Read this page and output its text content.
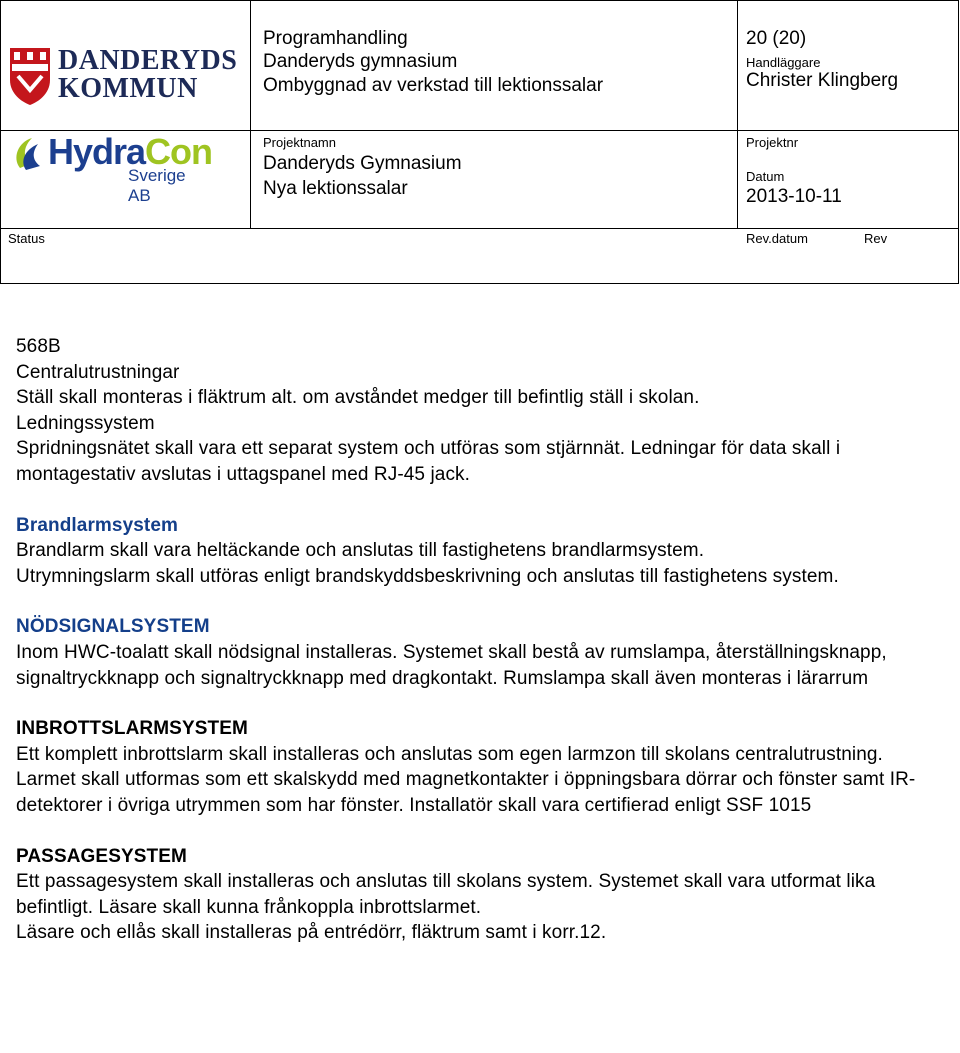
DANDERYDS
KOMMUN
HydraCon
Sverige AB
Programhandling
Danderyds gymnasium
Ombyggnad av verkstad till lektionssalar
20 (20)
Handläggare
Christer Klingberg
Projektnamn
Danderyds Gymnasium
Nya lektionssalar
Projektnr
Datum
2013-10-11
Status	Rev.datum	Rev

568B

Centralutrustningar

Ställ skall monteras i fläktrum alt. om avståndet medger till befintlig ställ i skolan.

Ledningssystem

Spridningsnätet skall vara ett separat system och utföras som stjärnnät. Ledningar för data skall i montagestativ avslutas i uttagspanel med RJ-45 jack.

Brandlarmsystem

Brandlarm skall vara heltäckande och anslutas till fastighetens brandlarmsystem.

Utrymningslarm skall utföras enligt brandskyddsbeskrivning och anslutas till fastighetens system.

NÖDSIGNALSYSTEM

Inom HWC-toalatt skall nödsignal installeras. Systemet skall bestå av rumslampa, återställningsknapp, signaltryckknapp och signaltryckknapp med dragkontakt. Rumslampa skall även monteras i lärarrum

INBROTTSLARMSYSTEM

Ett komplett inbrottslarm skall installeras och anslutas som egen larmzon till skolans centralutrustning.

Larmet skall utformas som ett skalskydd med magnetkontakter i öppningsbara dörrar och fönster samt IR-detektorer i övriga utrymmen som har fönster. Installatör skall vara certifierad enligt SSF 1015

PASSAGESYSTEM

Ett passagesystem skall installeras och anslutas till skolans system. Systemet skall vara utformat lika befintligt. Läsare skall kunna frånkoppla inbrottslarmet.

Läsare och ellås skall installeras på entrédörr, fläktrum samt i korr.12.
